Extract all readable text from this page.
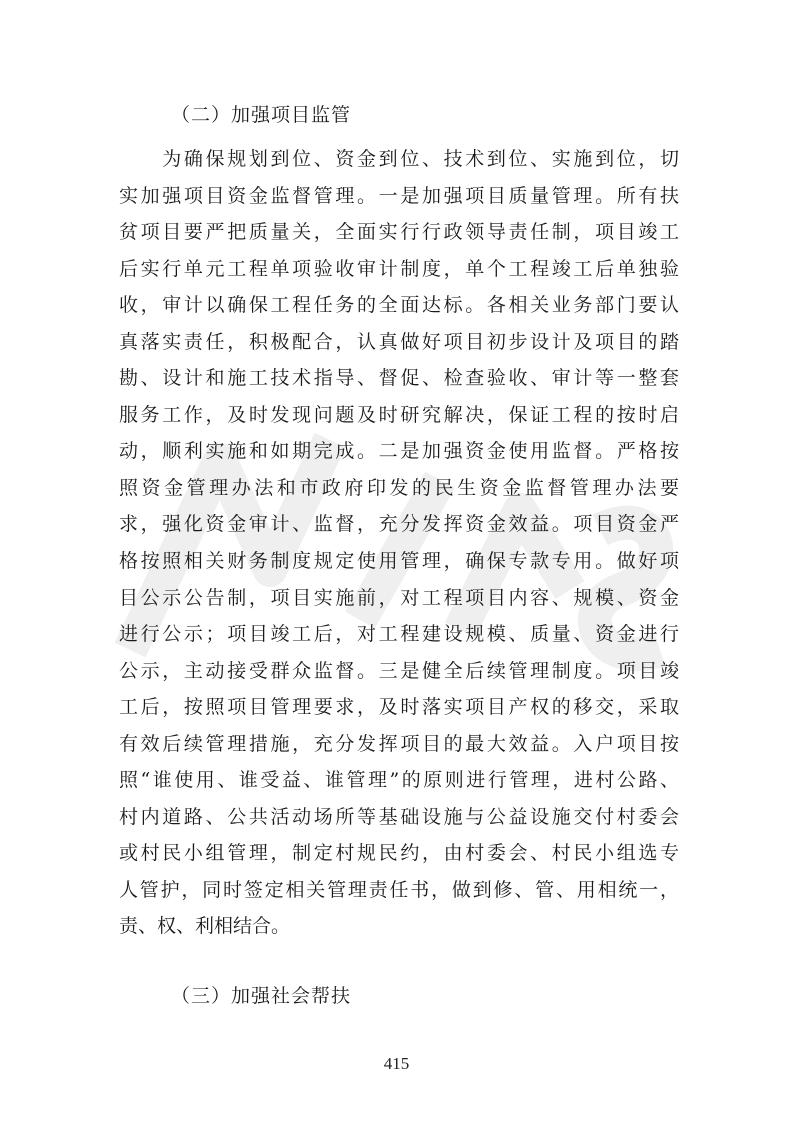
（二）加强项目监管
　　为确保规划到位、资金到位、技术到位、实施到位，切
实加强项目资金监督管理。一是加强项目质量管理。所有扶
贫项目要严把质量关，全面实行行政领导责任制，项目竣工
后实行单元工程单项验收审计制度，单个工程竣工后单独验
收，审计以确保工程任务的全面达标。各相关业务部门要认
真落实责任，积极配合，认真做好项目初步设计及项目的踏
勘、设计和施工技术指导、督促、检查验收、审计等一整套
服务工作，及时发现问题及时研究解决，保证工程的按时启
动，顺利实施和如期完成。二是加强资金使用监督。严格按
照资金管理办法和市政府印发的民生资金监督管理办法要
求，强化资金审计、监督，充分发挥资金效益。项目资金严
格按照相关财务制度规定使用管理，确保专款专用。做好项
目公示公告制，项目实施前，对工程项目内容、规模、资金
进行公示；项目竣工后，对工程建设规模、质量、资金进行
公示，主动接受群众监督。三是健全后续管理制度。项目竣
工后，按照项目管理要求，及时落实项目产权的移交，采取
有效后续管理措施，充分发挥项目的最大效益。入户项目按
照“谁使用、谁受益、谁管理”的原则进行管理，进村公路、
村内道路、公共活动场所等基础设施与公益设施交付村委会
或村民小组管理，制定村规民约，由村委会、村民小组选专
人管护，同时签定相关管理责任书，做到修、管、用相统一，
责、权、利相结合。
（三）加强社会帮扶
415
